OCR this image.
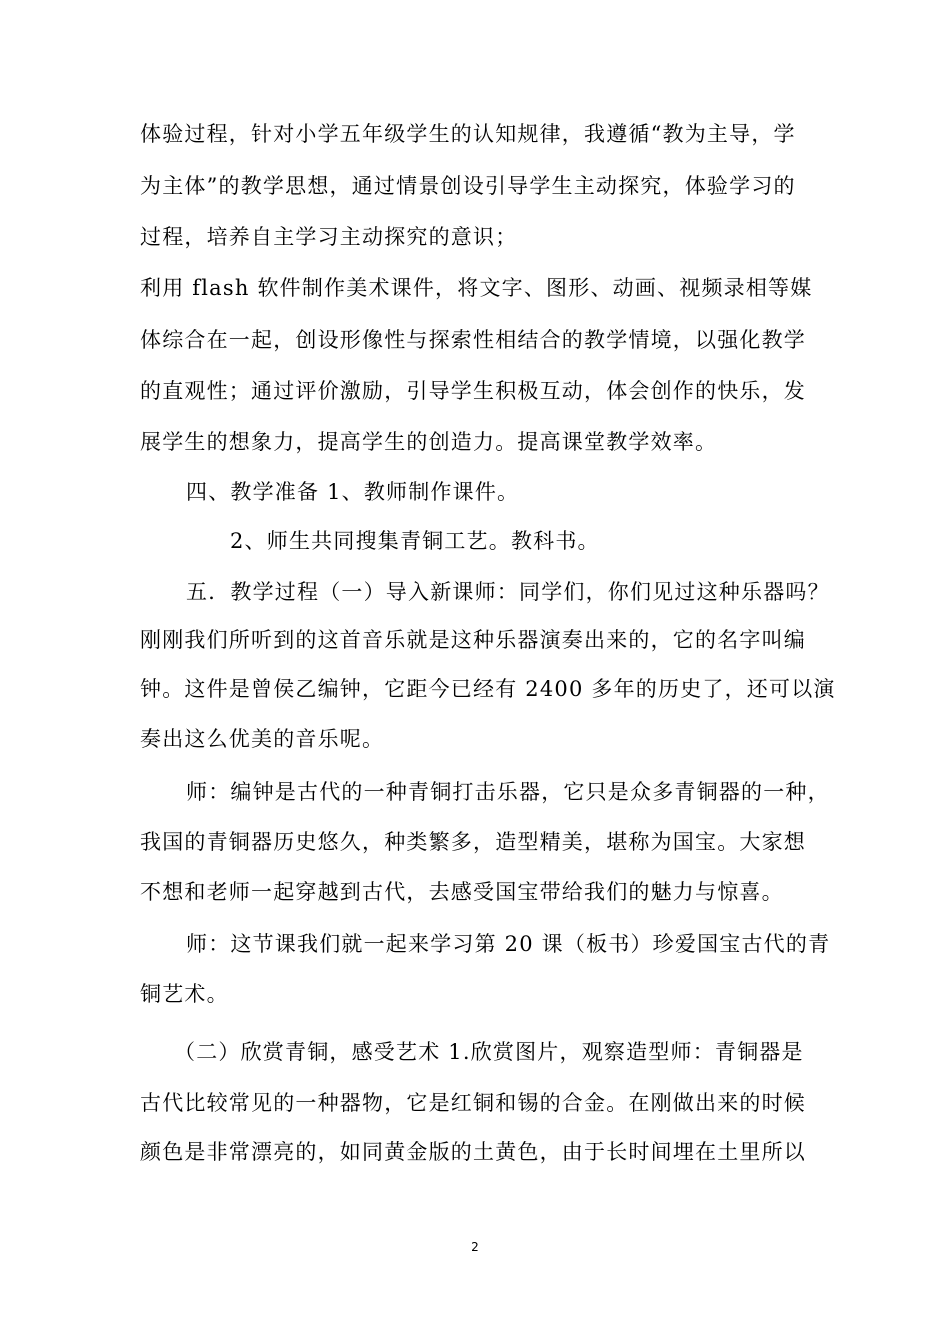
体验过程，针对小学五年级学生的认知规律，我遵循“教为主导，学
为主体”的教学思想，通过情景创设引导学生主动探究，体验学习的
过程，培养自主学习主动探究的意识；
利用 flash 软件制作美术课件，将文字、图形、动画、视频录相等媒
体综合在一起，创设形像性与探索性相结合的教学情境，以强化教学
的直观性；通过评价激励，引导学生积极互动，体会创作的快乐，发
展学生的想象力，提高学生的创造力。提高课堂教学效率。
四、教学准备 1、教师制作课件。
2、师生共同搜集青铜工艺。教科书。
五．教学过程（一）导入新课师：同学们，你们见过这种乐器吗？
刚刚我们所听到的这首音乐就是这种乐器演奏出来的，它的名字叫编
钟。这件是曾侯乙编钟，它距今已经有 2400 多年的历史了，还可以演
奏出这么优美的音乐呢。
师：编钟是古代的一种青铜打击乐器，它只是众多青铜器的一种，
我国的青铜器历史悠久，种类繁多，造型精美，堪称为国宝。大家想
不想和老师一起穿越到古代，去感受国宝带给我们的魅力与惊喜。
师：这节课我们就一起来学习第 20 课（板书）珍爱国宝古代的青
铜艺术。
（二）欣赏青铜，感受艺术 1.欣赏图片，观察造型师：青铜器是
古代比较常见的一种器物，它是红铜和锡的合金。在刚做出来的时候
颜色是非常漂亮的，如同黄金版的土黄色，由于长时间埋在土里所以
2
